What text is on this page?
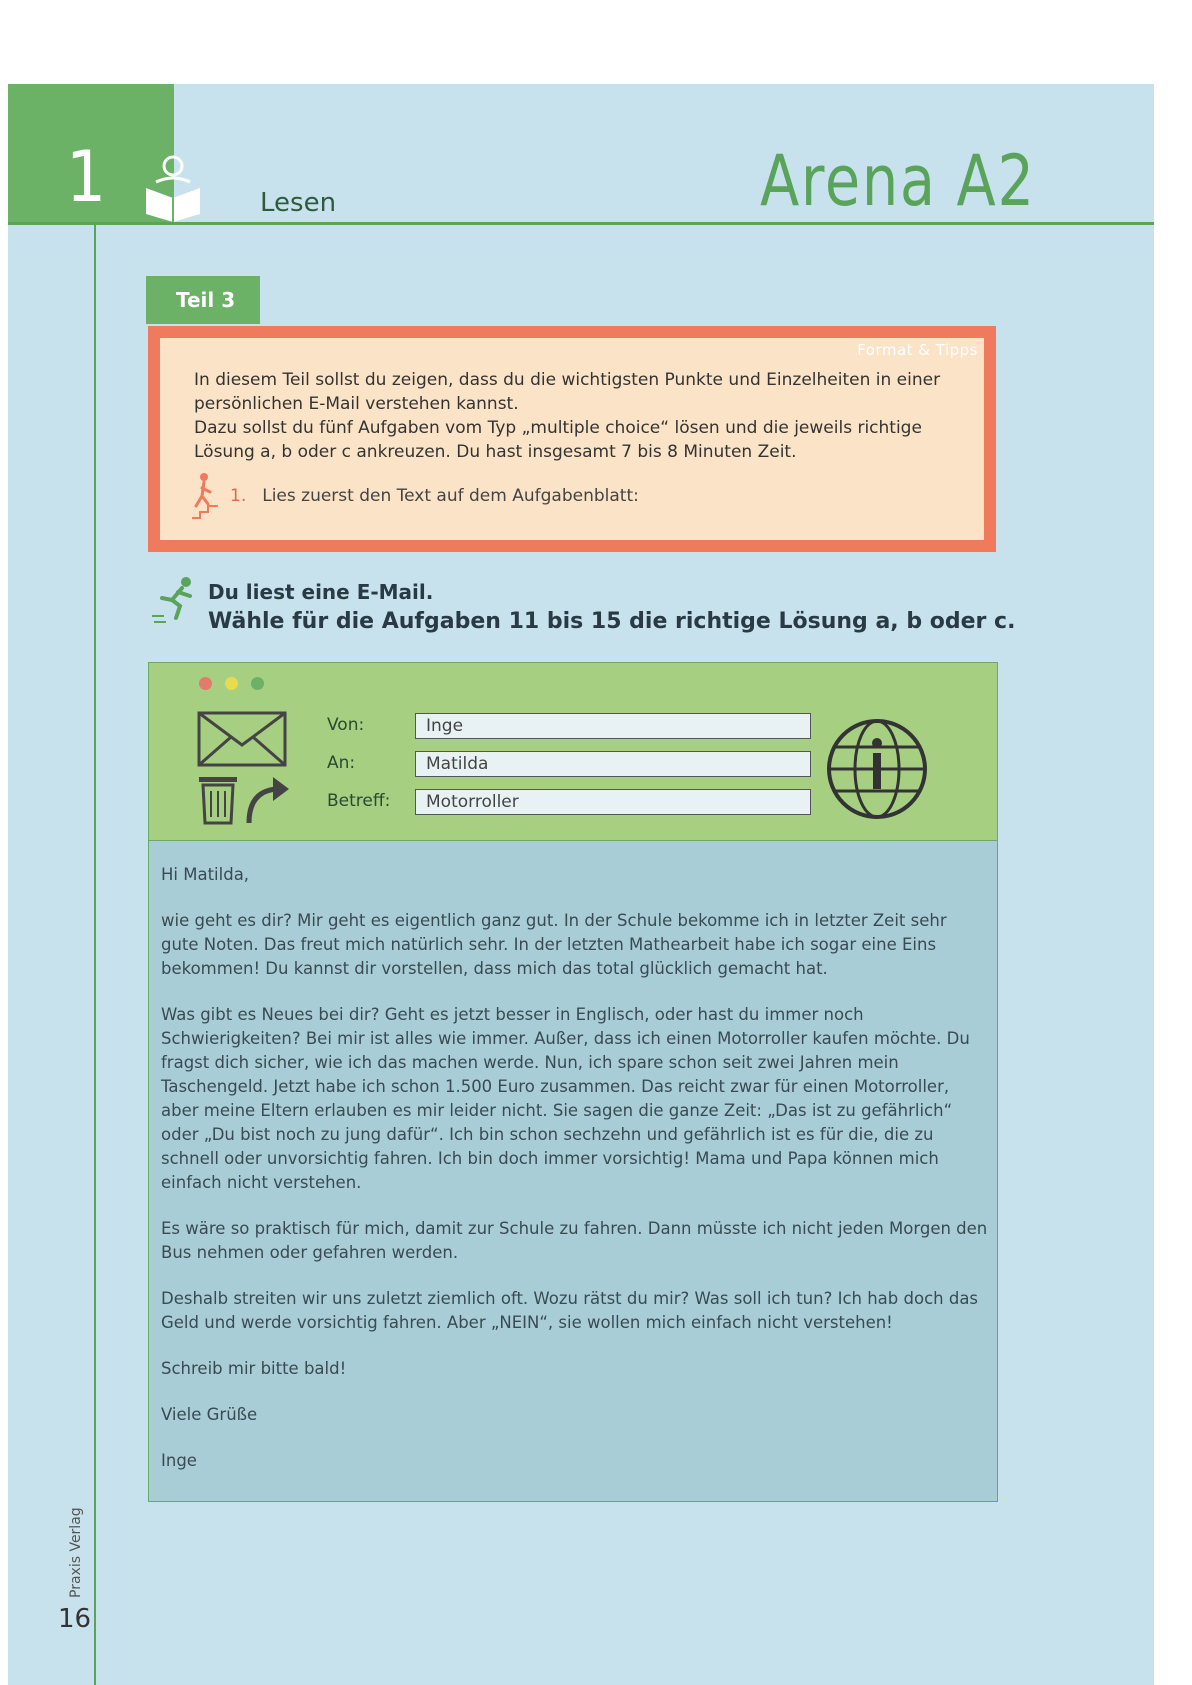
1	Lesen	Arena A2
Praxis Verlag
16
Teil 3
Format & Tipps

In diesem Teil sollst du zeigen, dass du die wichtigsten Punkte und Einzelheiten in einer

persönlichen E-Mail verstehen kannst.

Dazu sollst du fünf Aufgaben vom Typ „multiple choice“ lösen und die jeweils richtige

Lösung a, b oder c ankreuzen. Du hast insgesamt 7 bis 8 Minuten Zeit.

1. Lies zuerst den Text auf dem Aufgabenblatt:
Du liest eine E-Mail.
Wähle für die Aufgaben 11 bis 15 die richtige Lösung a, b oder c.
Von:
An:
Betreff:
Inge
Matilda
Motorroller

Hi Matilda,

wie geht es dir? Mir geht es eigentlich ganz gut. In der Schule bekomme ich in letzter Zeit sehr gute Noten. Das freut mich natürlich sehr. In der letzten Mathearbeit habe ich sogar eine Eins bekommen! Du kannst dir vorstellen, dass mich das total glücklich gemacht hat.

Was gibt es Neues bei dir? Geht es jetzt besser in Englisch, oder hast du immer noch Schwierigkeiten? Bei mir ist alles wie immer. Außer, dass ich einen Motorroller kaufen möchte. Du fragst dich sicher, wie ich das machen werde. Nun, ich spare schon seit zwei Jahren mein Taschengeld. Jetzt habe ich schon 1.500 Euro zusammen. Das reicht zwar für einen Motorroller, aber meine Eltern erlauben es mir leider nicht. Sie sagen die ganze Zeit: „Das ist zu gefährlich“ oder „Du bist noch zu jung dafür“. Ich bin schon sechzehn und gefährlich ist es für die, die zu schnell oder unvorsichtig fahren. Ich bin doch immer vorsichtig! Mama und Papa können mich einfach nicht verstehen.

Es wäre so praktisch für mich, damit zur Schule zu fahren. Dann müsste ich nicht jeden Morgen den Bus nehmen oder gefahren werden.

Deshalb streiten wir uns zuletzt ziemlich oft. Wozu rätst du mir? Was soll ich tun? Ich hab doch das Geld und werde vorsichtig fahren. Aber „NEIN“, sie wollen mich einfach nicht verstehen!

Schreib mir bitte bald!

Viele Grüße

Inge
